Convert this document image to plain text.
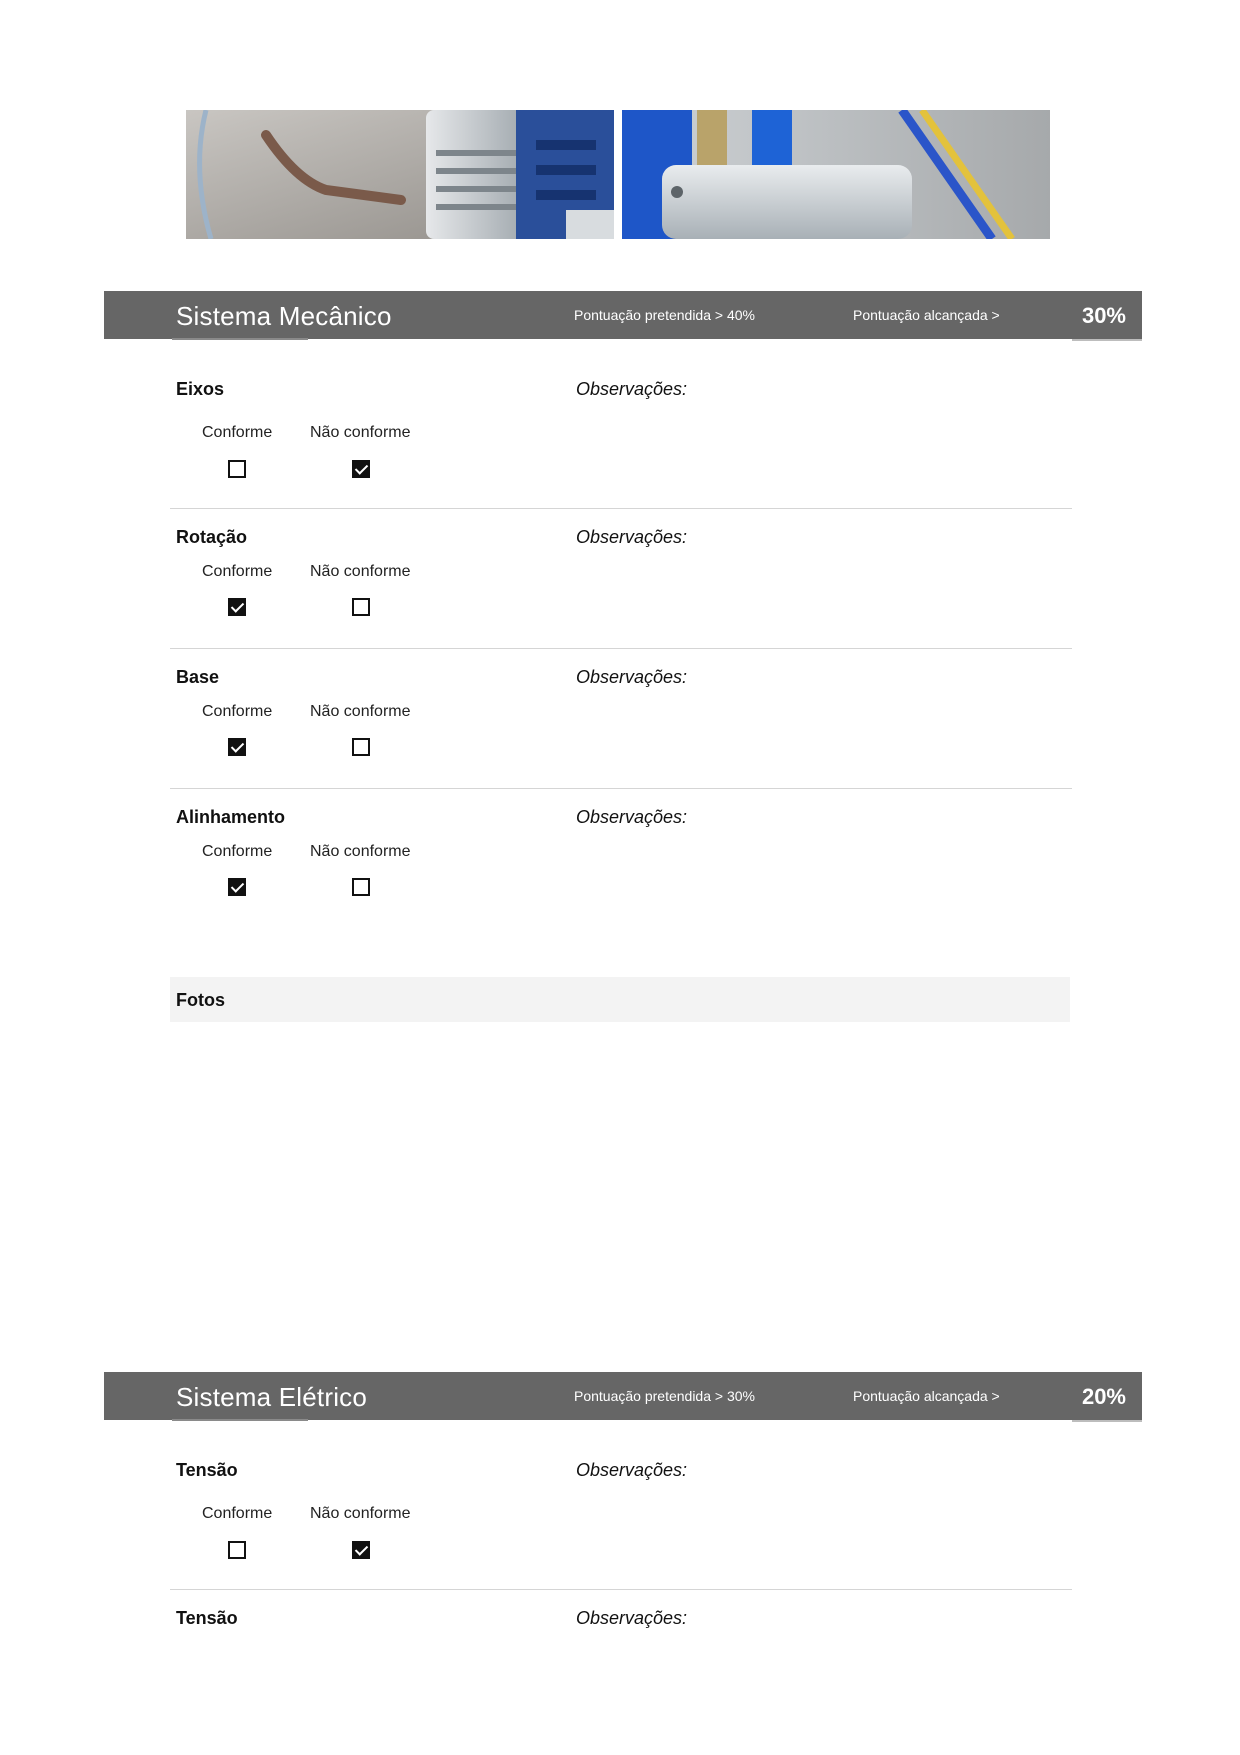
Sistema Mecânico	Pontuação pretendida > 40%	Pontuação alcançada >	30%
Eixos	Observações:
Conforme Não conforme
Rotação	Observações:
Conforme Não conforme
Base	Observações:
Conforme Não conforme
Alinhamento	Observações:
Conforme Não conforme
Fotos
Sistema Elétrico	Pontuação pretendida > 30%	Pontuação alcançada >	20%
Tensão	Observações:
Conforme Não conforme
Tensão	Observações:
